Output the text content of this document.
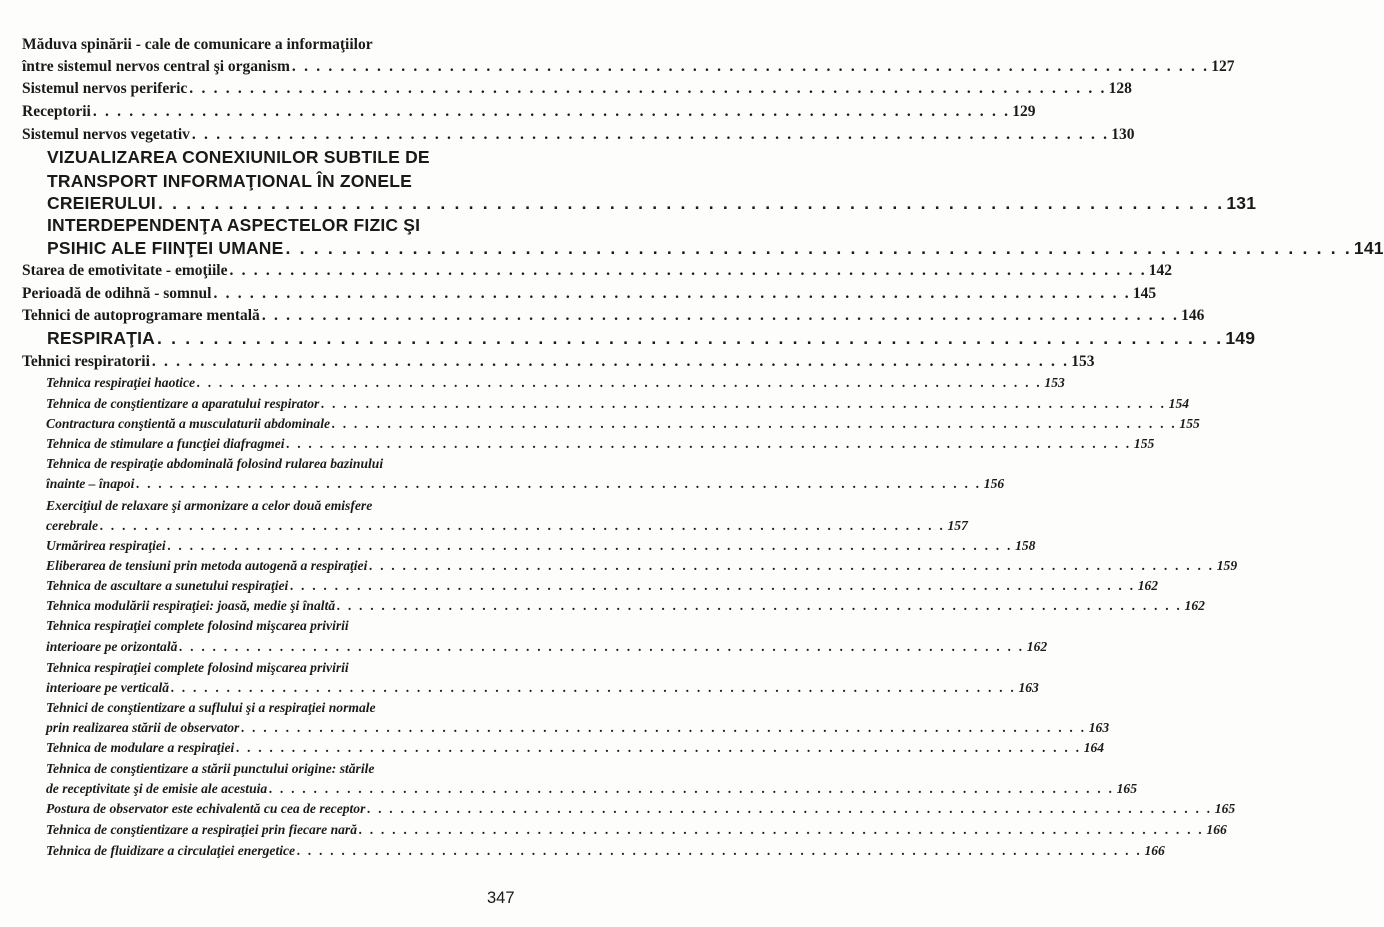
Măduva spinării - cale de comunicare a informaţiilor
între sistemul nervos central şi organism . . .	127
Sistemul nervos periferic . . .	128
Receptorii . . .	129
Sistemul nervos vegetativ . . .	130
VIZUALIZAREA CONEXIUNILOR SUBTILE DE
TRANSPORT INFORMAŢIONAL ÎN ZONELE
CREIERULUI . . .	131
INTERDEPENDENŢA ASPECTELOR FIZIC ŞI
PSIHIC ALE FIINŢEI UMANE . . .	141
Starea de emotivitate - emoţiile . . .	142
Perioadă de odihnă - somnul . . .	145
Tehnici de autoprogramare mentală . . .	146
RESPIRAŢIA . . .	149
Tehnici respiratorii . . .	153
Tehnica respiraţiei haotice . . .	153
Tehnica de conştientizare a aparatului respirator . . .	154
Contractura conştientă a musculaturii abdominale . . .	155
Tehnica de stimulare a funcţiei diafragmei . . .	155
Tehnica de respiraţie abdominală folosind rularea bazinului
înainte – înapoi . . .	156
Exerciţiul de relaxare şi armonizare a celor două emisfere
cerebrale . . .	157
Urmărirea respiraţiei . . .	158
Eliberarea de tensiuni prin metoda autogenă a respiraţiei . . .	159
Tehnica de ascultare a sunetului respiraţiei . . .	162
Tehnica modulării respiraţiei: joasă, medie şi înaltă . . .	162
Tehnica respiraţiei complete folosind mişcarea privirii
interioare pe orizontală . . .	162
Tehnica respiraţiei complete folosind mişcarea privirii
interioare pe verticală . . .	163
Tehnici de conştientizare a suflului şi a respiraţiei normale
prin realizarea stării de observator . . .	163
Tehnica de modulare a respiraţiei . . .	164
Tehnica de conştientizare a stării punctului origine: stările
de receptivitate şi de emisie ale acestuia . . .	165
Postura de observator este echivalentă cu cea de receptor . . .	165
Tehnica de conştientizare a respiraţiei prin fiecare nară . . .	166
Tehnica de fluidizare a circulaţiei energetice . . .	166
347
